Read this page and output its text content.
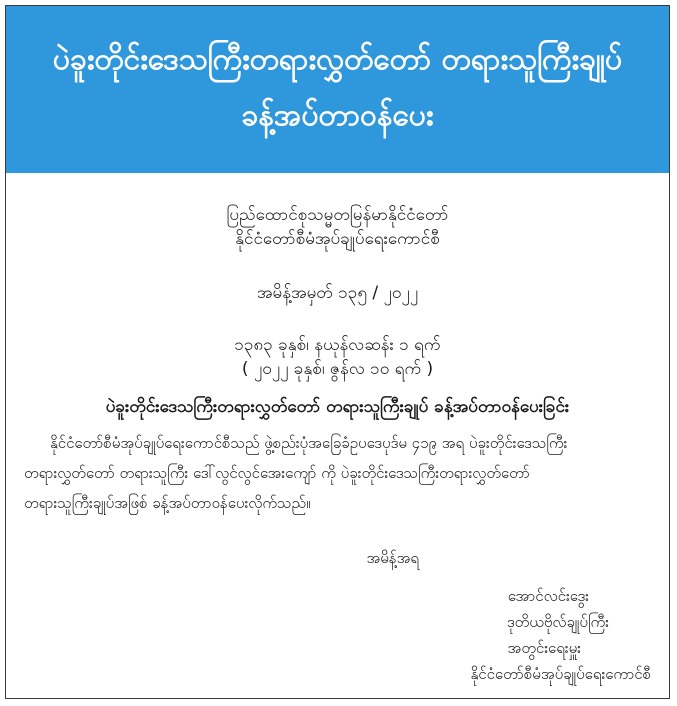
ပဲခူးတိုင်းဒေသကြီးတရားလွှတ်တော် တရားသူကြီးချုပ်
ခန့်အပ်တာဝန်ပေး
ပြည်ထောင်စုသမ္မတမြန်မာနိုင်ငံတော်
နိုင်ငံတော်စီမံအုပ်ချုပ်ရေးကောင်စီ
အမိန့်အမှတ် ၁၃၅ / ၂၀၂၂
၁၃၈၃ ခုနှစ်၊ နယုန်လဆန်း ၁ ရက်
( ၂၀၂၂ ခုနှစ်၊ ဇွန်လ ၁၀ ရက် )
ပဲခူးတိုင်းဒေသကြီးတရားလွှတ်တော် တရားသူကြီးချုပ် ခန့်အပ်တာဝန်ပေးခြင်း
နိုင်ငံတော်စီမံအုပ်ချုပ်ရေးကောင်စီသည် ဖွဲ့စည်းပုံအခြေခံဥပဒေပုဒ်မ ၄၁၉ အရ ပဲခူးတိုင်းဒေသကြီး
တရားလွှတ်တော် တရားသူကြီး ဒေါ်လွင်လွင်အေးကျော် ကို ပဲခူးတိုင်းဒေသကြီးတရားလွှတ်တော်
တရားသူကြီးချုပ်အဖြစ် ခန့်အပ်တာဝန်ပေးလိုက်သည်။
အမိန့်အရ
အောင်လင်းဒွေး
ဒုတိယဗိုလ်ချုပ်ကြီး
အတွင်းရေးမှူး
နိုင်ငံတော်စီမံအုပ်ချုပ်ရေးကောင်စီ
